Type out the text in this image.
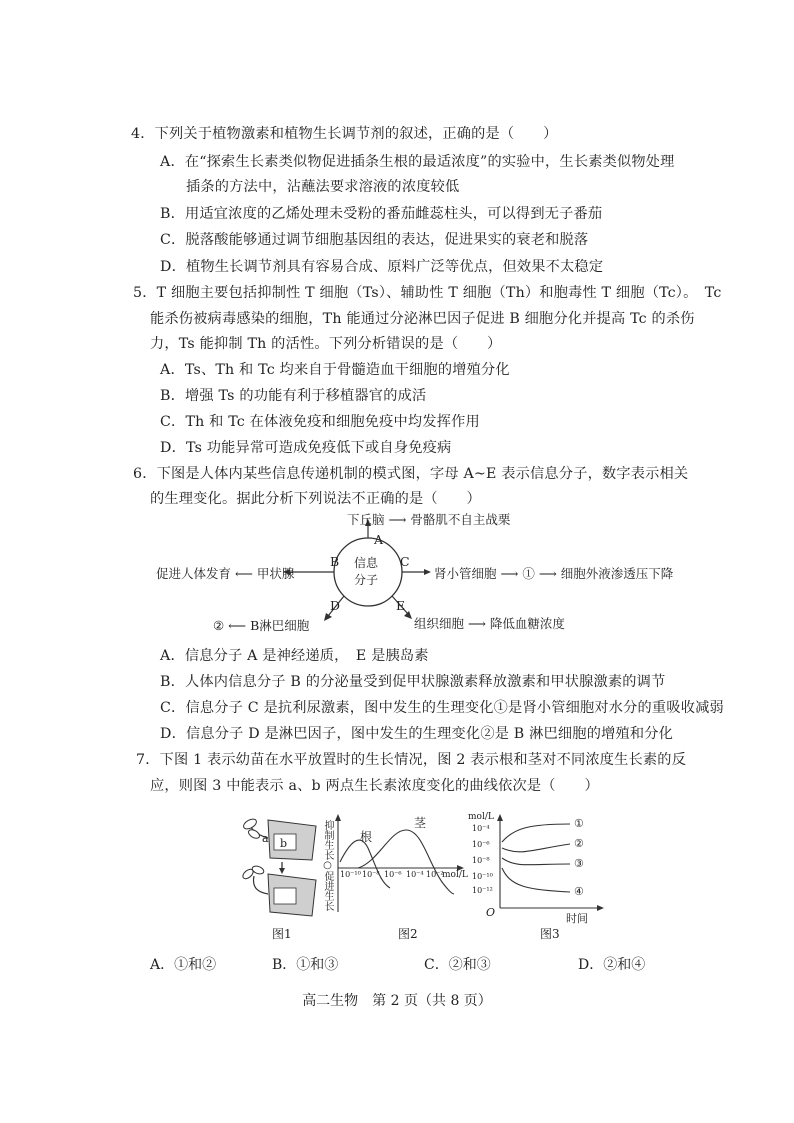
4．下列关于植物激素和植物生长调节剂的叙述，正确的是（　　）
A．在“探索生长素类似物促进插条生根的最适浓度”的实验中，生长素类似物处理
插条的方法中，沾蘸法要求溶液的浓度较低
B．用适宜浓度的乙烯处理未受粉的番茄雌蕊柱头，可以得到无子番茄
C．脱落酸能够通过调节细胞基因组的表达，促进果实的衰老和脱落
D．植物生长调节剂具有容易合成、原料广泛等优点，但效果不太稳定
5．T 细胞主要包括抑制性 T 细胞（Ts）、辅助性 T 细胞（Th）和胞毒性 T 细胞（Tc）。　Tc
能杀伤被病毒感染的细胞，Th 能通过分泌淋巴因子促进 B 细胞分化并提高 Tc 的杀伤
力，Ts 能抑制 Th 的活性。下列分析错误的是（　　）
A．Ts、Th 和 Tc 均来自于骨髓造血干细胞的增殖分化
B．增强 Ts 的功能有利于移植器官的成活
C．Th 和 Tc 在体液免疫和细胞免疫中均发挥作用
D．Ts 功能异常可造成免疫低下或自身免疫病
6．下图是人体内某些信息传递机制的模式图，字母 A~E 表示信息分子，数字表示相关
的生理变化。据此分析下列说法不正确的是（　　）
信息
分子
A
B	C
D	E
下丘脑 ⟶ 骨骼肌不自主战栗
促进人体发育 ⟵ 甲状腺	肾小管细胞 ⟶ ① ⟶ 细胞外液渗透压下降
② ⟵ B淋巴细胞	组织细胞 ⟶ 降低血糖浓度
A．信息分子 A 是神经递质，　E 是胰岛素
B．人体内信息分子 B 的分泌量受到促甲状腺激素释放激素和甲状腺激素的调节
C．信息分子 C 是抗利尿激素，图中发生的生理变化①是肾小管细胞对水分的重吸收减弱
D．信息分子 D 是淋巴因子，图中发生的生理变化②是 B 淋巴细胞的增殖和分化
7．下图 1 表示幼苗在水平放置时的生长情况，图 2 表示根和茎对不同浓度生长素的反
应，则图 3 中能表示 a、b 两点生长素浓度变化的曲线依次是（　　）
a b
图1
抑制生长○促进生长 根
茎
10⁻¹⁰ 10⁻⁸ 10⁻⁶ 10⁻⁴ 10⁻²
mol/L
图2
mol/L
10⁻⁴
10⁻⁶
10⁻⁸
10⁻¹⁰
10⁻¹²
O	时间
①
②
③
④
图3
A．①和②	B．①和③	C．②和③	D．②和④
高二生物　第 2 页（共 8 页）
